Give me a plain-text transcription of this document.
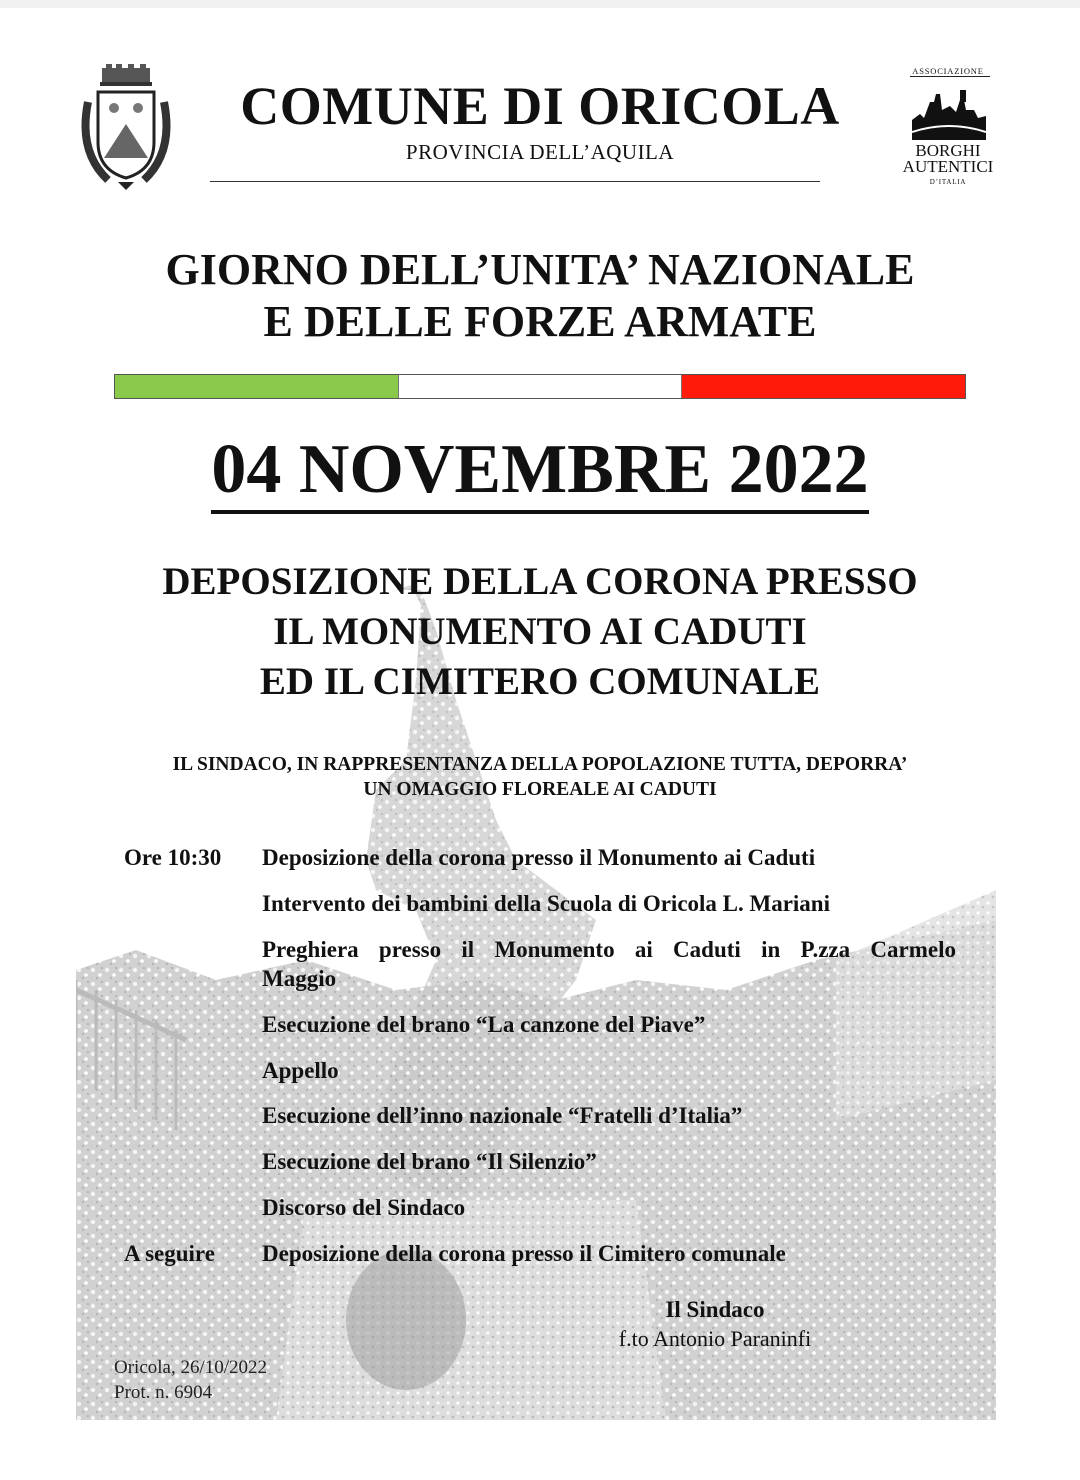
COMUNE DI ORICOLA
PROVINCIA DELL’AQUILA
ASSOCIAZIONE
BORGHI
AUTENTICI
D’ITALIA
GIORNO DELL’UNITA’ NAZIONALE
E DELLE FORZE ARMATE
04 NOVEMBRE 2022
DEPOSIZIONE DELLA CORONA PRESSO
IL MONUMENTO AI CADUTI
ED IL CIMITERO COMUNALE
IL SINDACO, IN RAPPRESENTANZA DELLA POPOLAZIONE TUTTA, DEPORRA’
UN OMAGGIO FLOREALE AI CADUTI
Ore 10:30	Deposizione della corona presso il Monumento ai Caduti
Intervento dei bambini della Scuola di Oricola L. Mariani
Preghiera presso il Monumento ai Caduti in P.zza Carmelo
Maggio
Esecuzione del brano “La canzone del Piave”
Appello
Esecuzione dell’inno nazionale “Fratelli d’Italia”
Esecuzione del brano “Il Silenzio”
Discorso del Sindaco
A seguire	Deposizione della corona presso il Cimitero comunale
Il Sindaco
f.to Antonio Paraninfi
Oricola, 26/10/2022
Prot. n. 6904
